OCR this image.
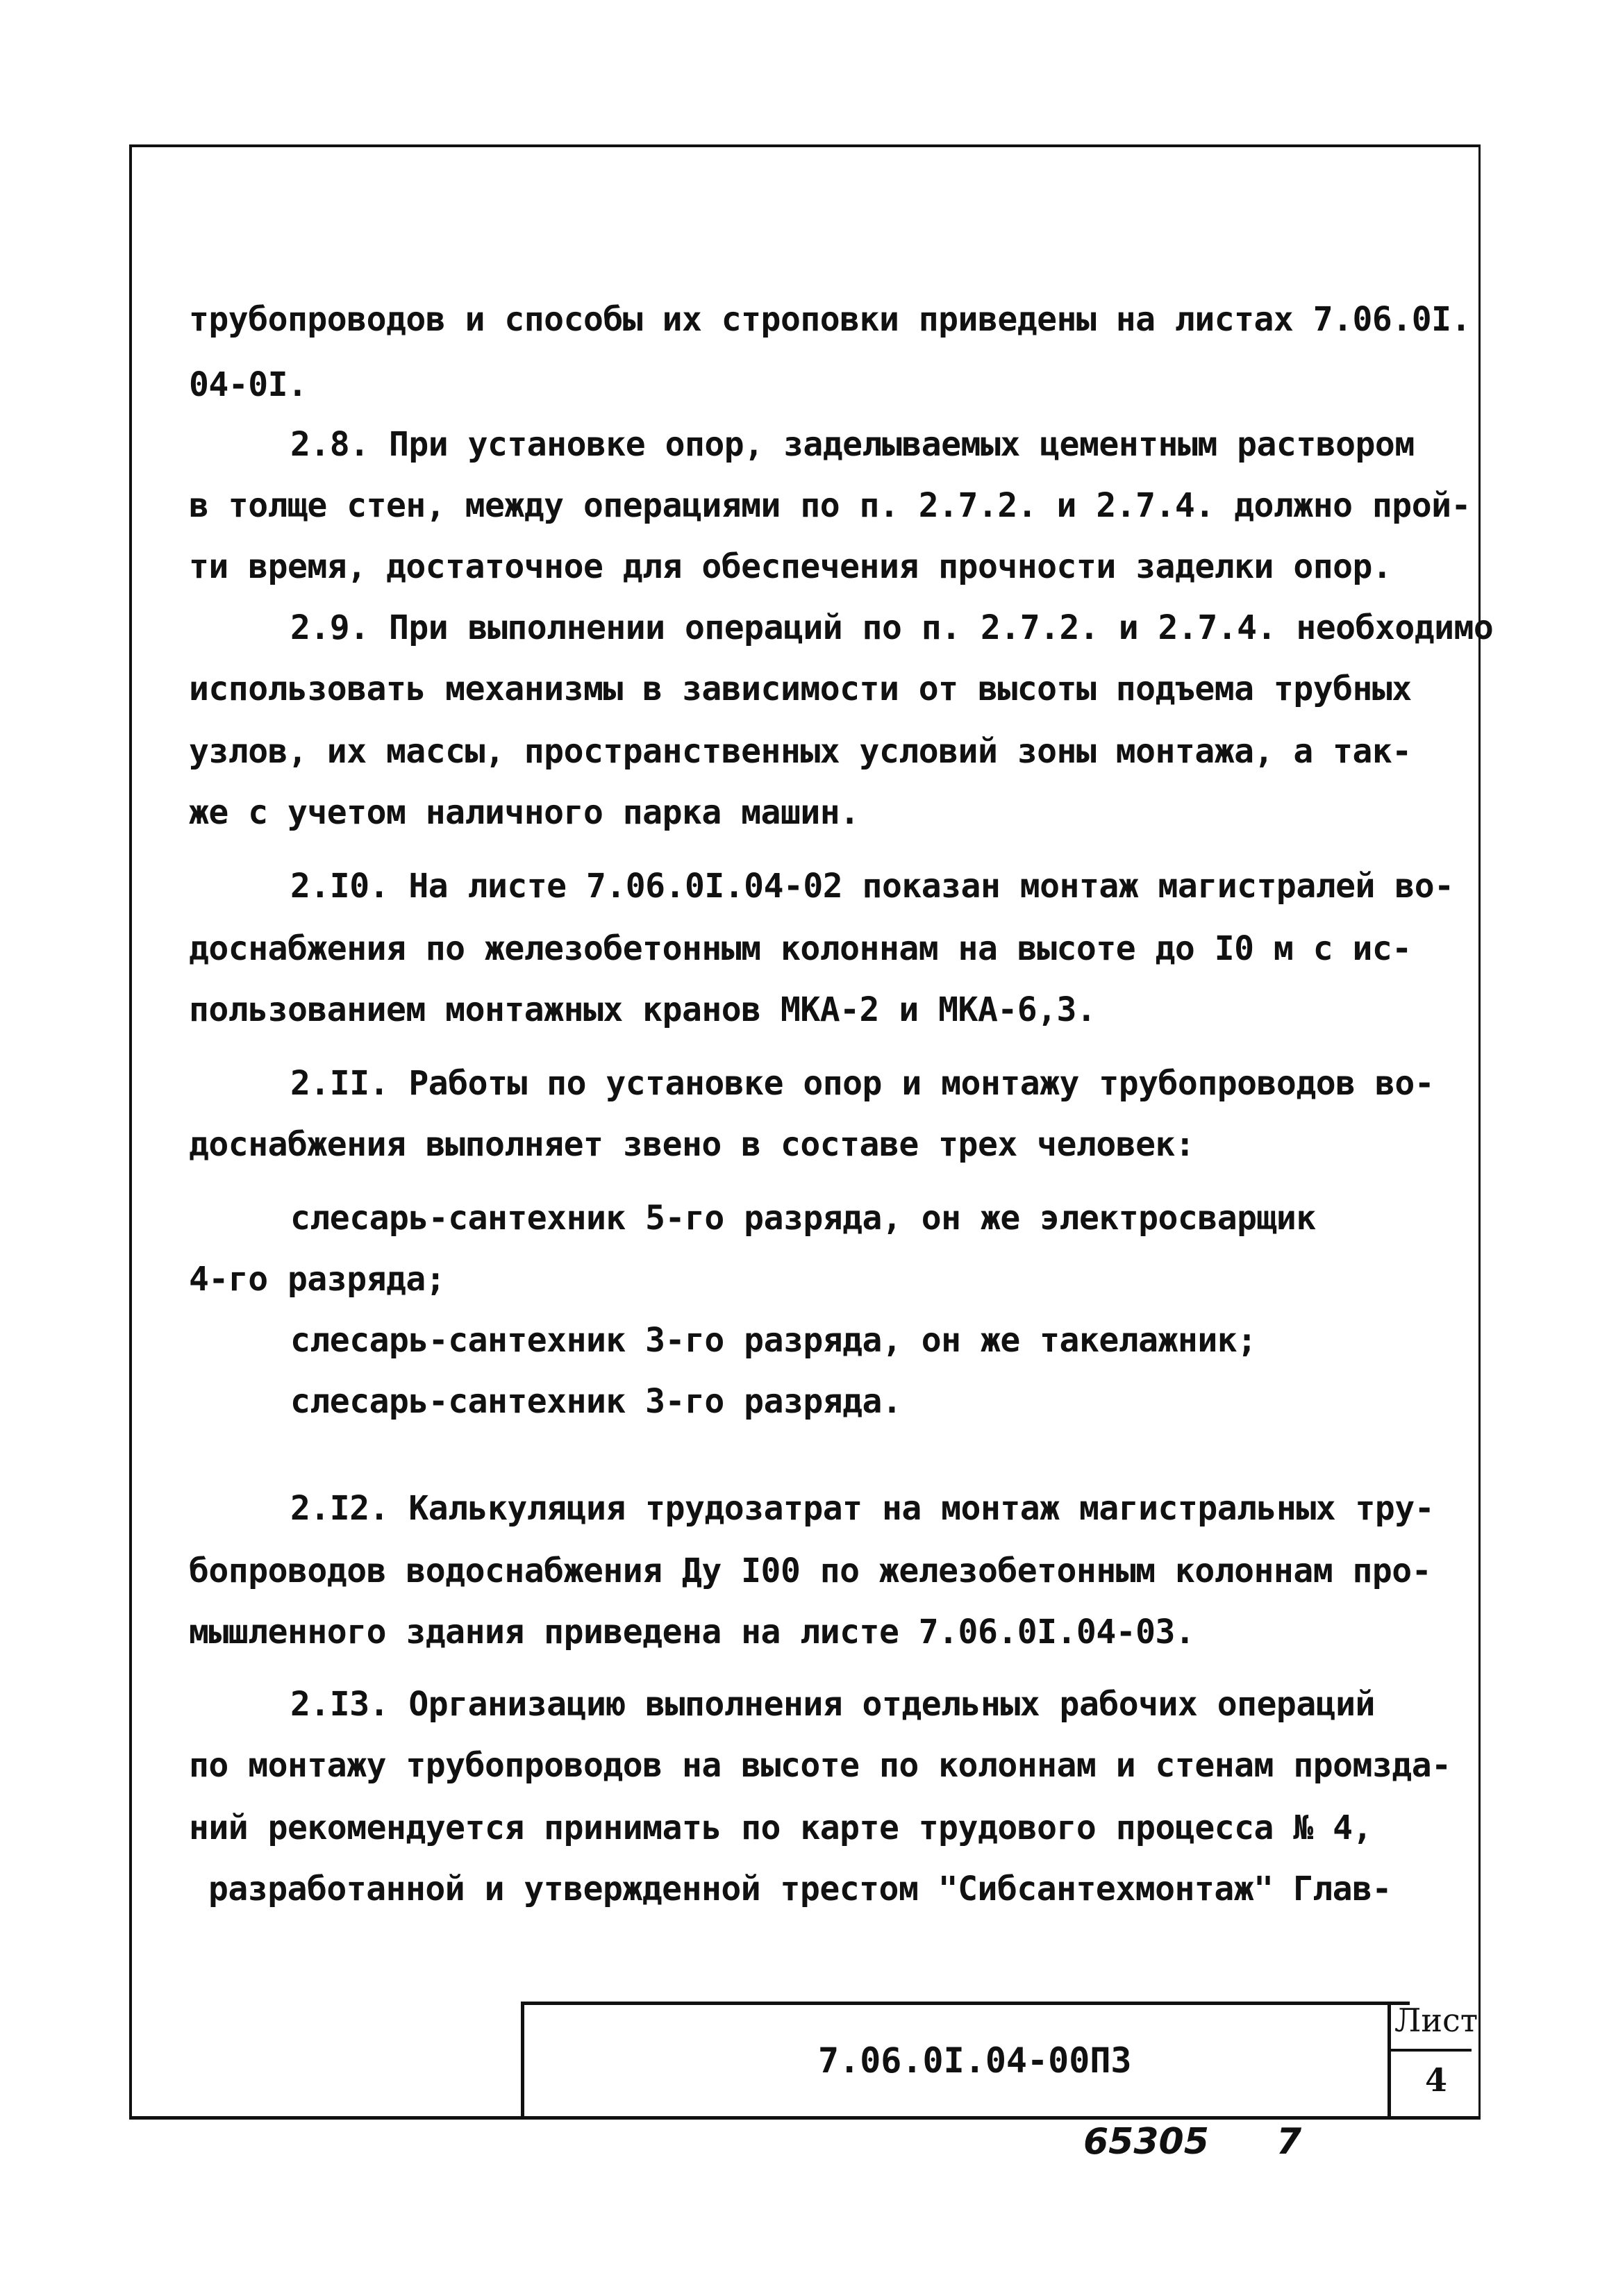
трубопроводов и способы их строповки приведены на листах 7.06.0I.
04-0I.
2.8. При установке опор, заделываемых цементным раствором
в толще стен, между операциями по п. 2.7.2. и 2.7.4. должно прой-
ти время, достаточное для обеспечения прочности заделки опор.
2.9. При выполнении операций по п. 2.7.2. и 2.7.4. необходимо
использовать механизмы в зависимости от высоты подъема трубных
узлов, их массы, пространственных условий зоны монтажа, а так-
же с учетом наличного парка машин.
2.I0. На листе 7.06.0I.04-02 показан монтаж магистралей во-
доснабжения по железобетонным колоннам на высоте до I0 м с ис-
пользованием монтажных кранов МКА-2 и МКА-6,3.
2.II. Работы по установке опор и монтажу трубопроводов во-
доснабжения выполняет звено в составе трех человек:
слесарь-сантехник 5-го разряда, он же электросварщик
4-го разряда;
слесарь-сантехник 3-го разряда, он же такелажник;
слесарь-сантехник 3-го разряда.
2.I2. Калькуляция трудозатрат на монтаж магистральных тру-
бопроводов водоснабжения Ду I00 по железобетонным колоннам про-
мышленного здания приведена на листе 7.06.0I.04-03.
2.I3. Организацию выполнения отдельных рабочих операций
по монтажу трубопроводов на высоте по колоннам и стенам промзда-
ний рекомендуется принимать по карте трудового процесса № 4,
разработанной и утвержденной трестом "Сибсантехмонтаж" Глав-
7.06.0I.04-00ПЗ
Лист
4
65305 7
